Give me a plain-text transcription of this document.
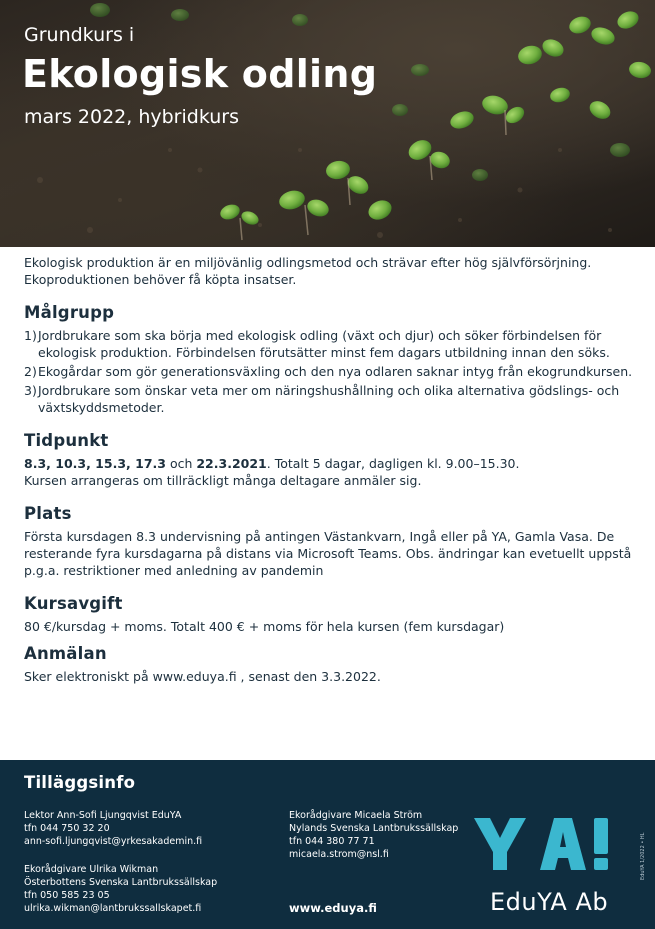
Grundkurs i
Ekologisk odling
mars 2022, hybridkurs

Ekologisk produktion är en miljövänlig odlingsmetod och strävar efter hög självförsörjning. Ekoproduktionen behöver få köpta insatser.

Målgrupp
1) Jordbrukare som ska börja med ekologisk odling (växt och djur) och söker förbindelsen för ekologisk produktion. Förbindelsen förutsätter minst fem dagars utbildning innan den söks.
2) Ekogårdar som gör generationsväxling och den nya odlaren saknar intyg från ekogrundkursen.
3) Jordbrukare som önskar veta mer om näringshushållning och olika alternativa gödslings- och växtskyddsmetoder.
Tidpunkt

8.3, 10.3, 15.3, 17.3 och 22.3.2021. Totalt 5 dagar, dagligen kl. 9.00–15.30.

Kursen arrangeras om tillräckligt många deltagare anmäler sig.

Plats

Första kursdagen 8.3 undervisning på antingen Västankvarn, Ingå eller på YA, Gamla Vasa. De resterande fyra kursdagarna på distans via Microsoft Teams. Obs. ändringar kan evetuellt uppstå p.g.a. restriktioner med anledning av pandemin

Kursavgift

80 €/kursdag + moms. Totalt 400 € + moms för hela kursen (fem kursdagar)

Anmälan

Sker elektroniskt på www.eduya.fi , senast den 3.3.2022.

Tilläggsinfo
Lektor Ann-Sofi Ljungqvist EduYA
tfn 044 750 32 20
ann-sofi.ljungqvist@yrkesakademin.fi
Ekorådgivare Ulrika Wikman
Österbottens Svenska Lantbrukssällskap
tfn 050 585 23 05
ulrika.wikman@lantbrukssallskapet.fi
Ekorådgivare Micaela Ström
Nylands Svenska Lantbrukssällskap
tfn 044 380 77 71
micaela.strom@nsl.fi
www.eduya.fi	EduYA Ab
EduYA 1/2022 • HL
